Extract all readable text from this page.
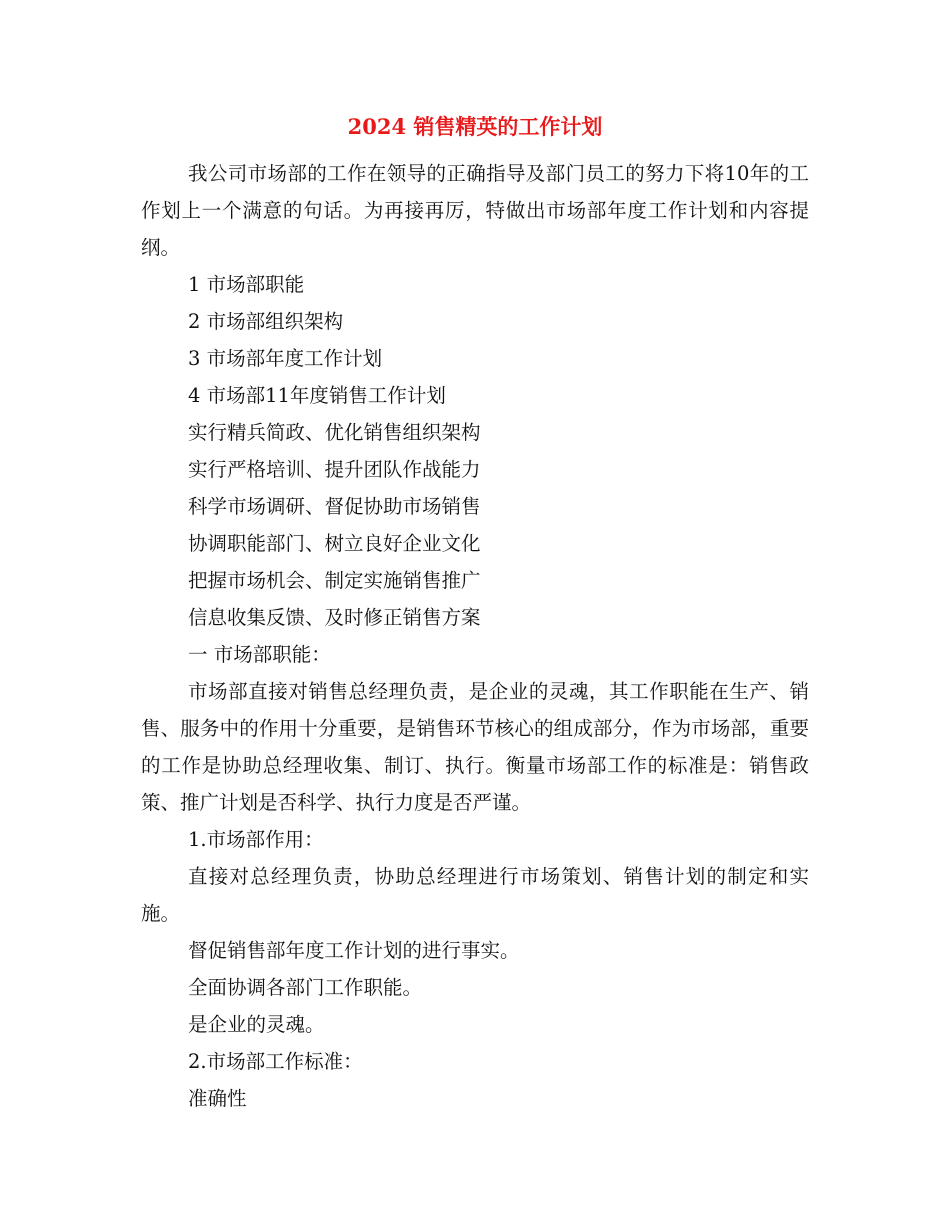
2024 销售精英的工作计划

我公司市场部的工作在领导的正确指导及部门员工的努力下将10年的工作划上一个满意的句话。为再接再厉，特做出市场部年度工作计划和内容提纲。

1 市场部职能

2 市场部组织架构

3 市场部年度工作计划

4 市场部11年度销售工作计划

实行精兵简政、优化销售组织架构

实行严格培训、提升团队作战能力

科学市场调研、督促协助市场销售

协调职能部门、树立良好企业文化

把握市场机会、制定实施销售推广

信息收集反馈、及时修正销售方案

一 市场部职能：

市场部直接对销售总经理负责，是企业的灵魂，其工作职能在生产、销售、服务中的作用十分重要，是销售环节核心的组成部分，作为市场部，重要的工作是协助总经理收集、制订、执行。衡量市场部工作的标准是：销售政策、推广计划是否科学、执行力度是否严谨。

1.市场部作用：

直接对总经理负责，协助总经理进行市场策划、销售计划的制定和实施。

督促销售部年度工作计划的进行事实。

全面协调各部门工作职能。

是企业的灵魂。

2.市场部工作标准：

准确性
